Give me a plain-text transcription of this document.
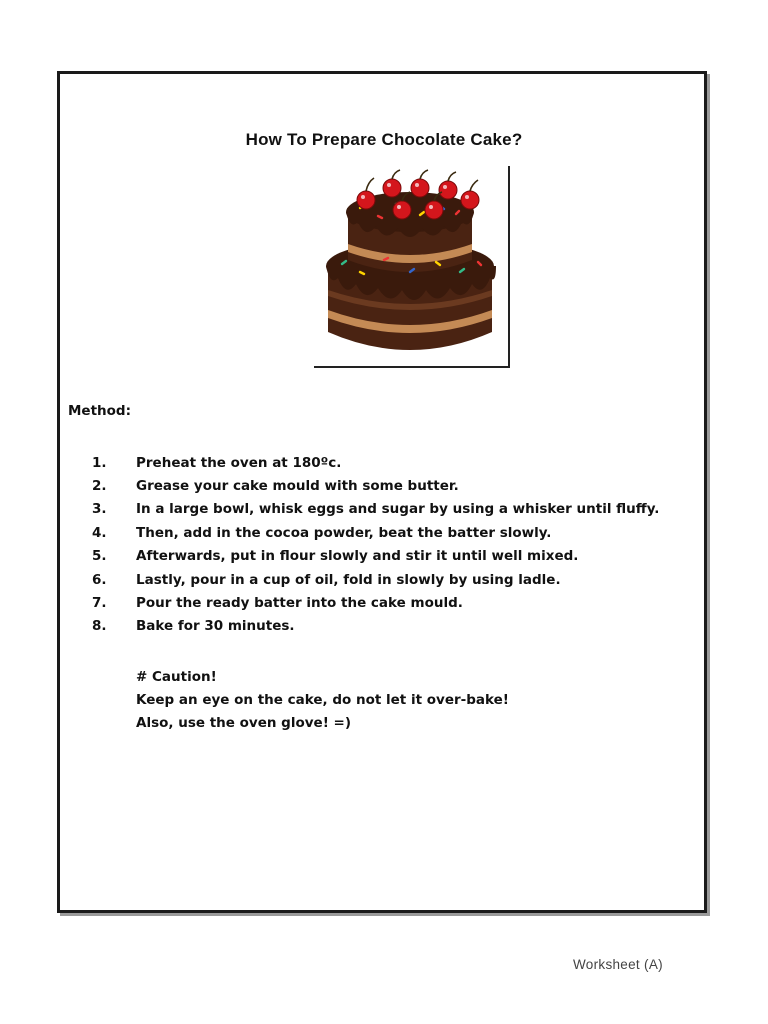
How To Prepare Chocolate Cake?
Method:
1.	Preheat the oven at 180ºc.
2.	Grease your cake mould with some butter.
3.	In a large bowl, whisk eggs and sugar by using a whisker until fluffy.
4.	Then, add in the cocoa powder, beat the batter slowly.
5.	Afterwards, put in flour slowly and stir it until well mixed.
6.	Lastly, pour in a cup of oil, fold in slowly by using ladle.
7.	Pour the ready batter into the cake mould.
8.	Bake for 30 minutes.
# Caution!
Keep an eye on the cake, do not let it over-bake!
Also, use the oven glove! =)
Worksheet (A)
